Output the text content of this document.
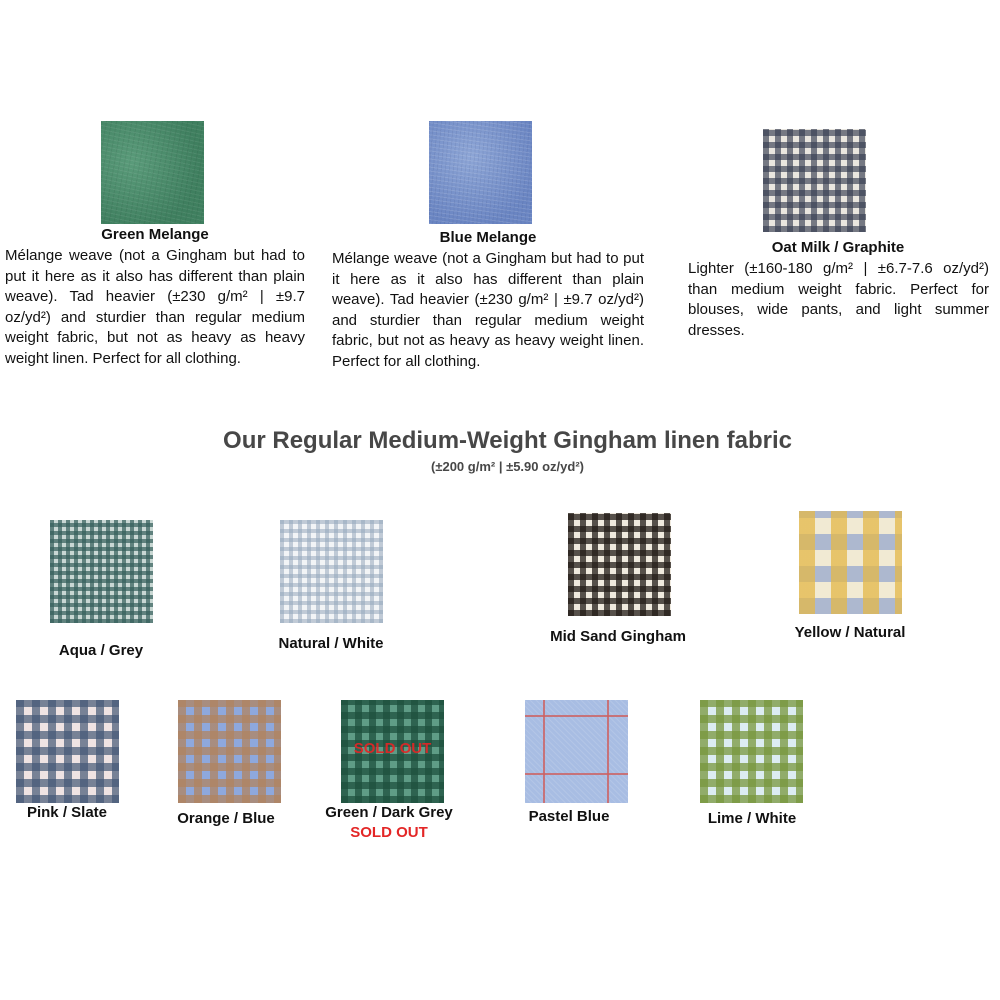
Green Melange
Mélange weave (not a Gingham but had to put it here as it also has different than plain weave). Tad heavier (±230 g/m² | ±9.7 oz/yd²) and sturdier than regular medium weight fabric, but not as heavy as heavy weight linen. Perfect for all clothing.
Blue Melange
Mélange weave (not a Gingham but had to put it here as it also has different than plain weave). Tad heavier (±230 g/m² | ±9.7 oz/yd²) and sturdier than regular medium weight fabric, but not as heavy as heavy weight linen. Perfect for all clothing.
Oat Milk / Graphite
Lighter (±160-180 g/m² | ±6.7-7.6 oz/yd²) than medium weight fabric. Perfect for blouses, wide pants, and light summer dresses.
Our Regular Medium-Weight Gingham linen fabric
(±200 g/m² | ±5.90 oz/yd²)
Aqua / Grey	Natural / White	Mid Sand Gingham	Yellow / Natural
Pink / Slate	Orange / Blue
SOLD OUT
Green / Dark Grey
SOLD OUT
Pastel Blue	Lime / White
